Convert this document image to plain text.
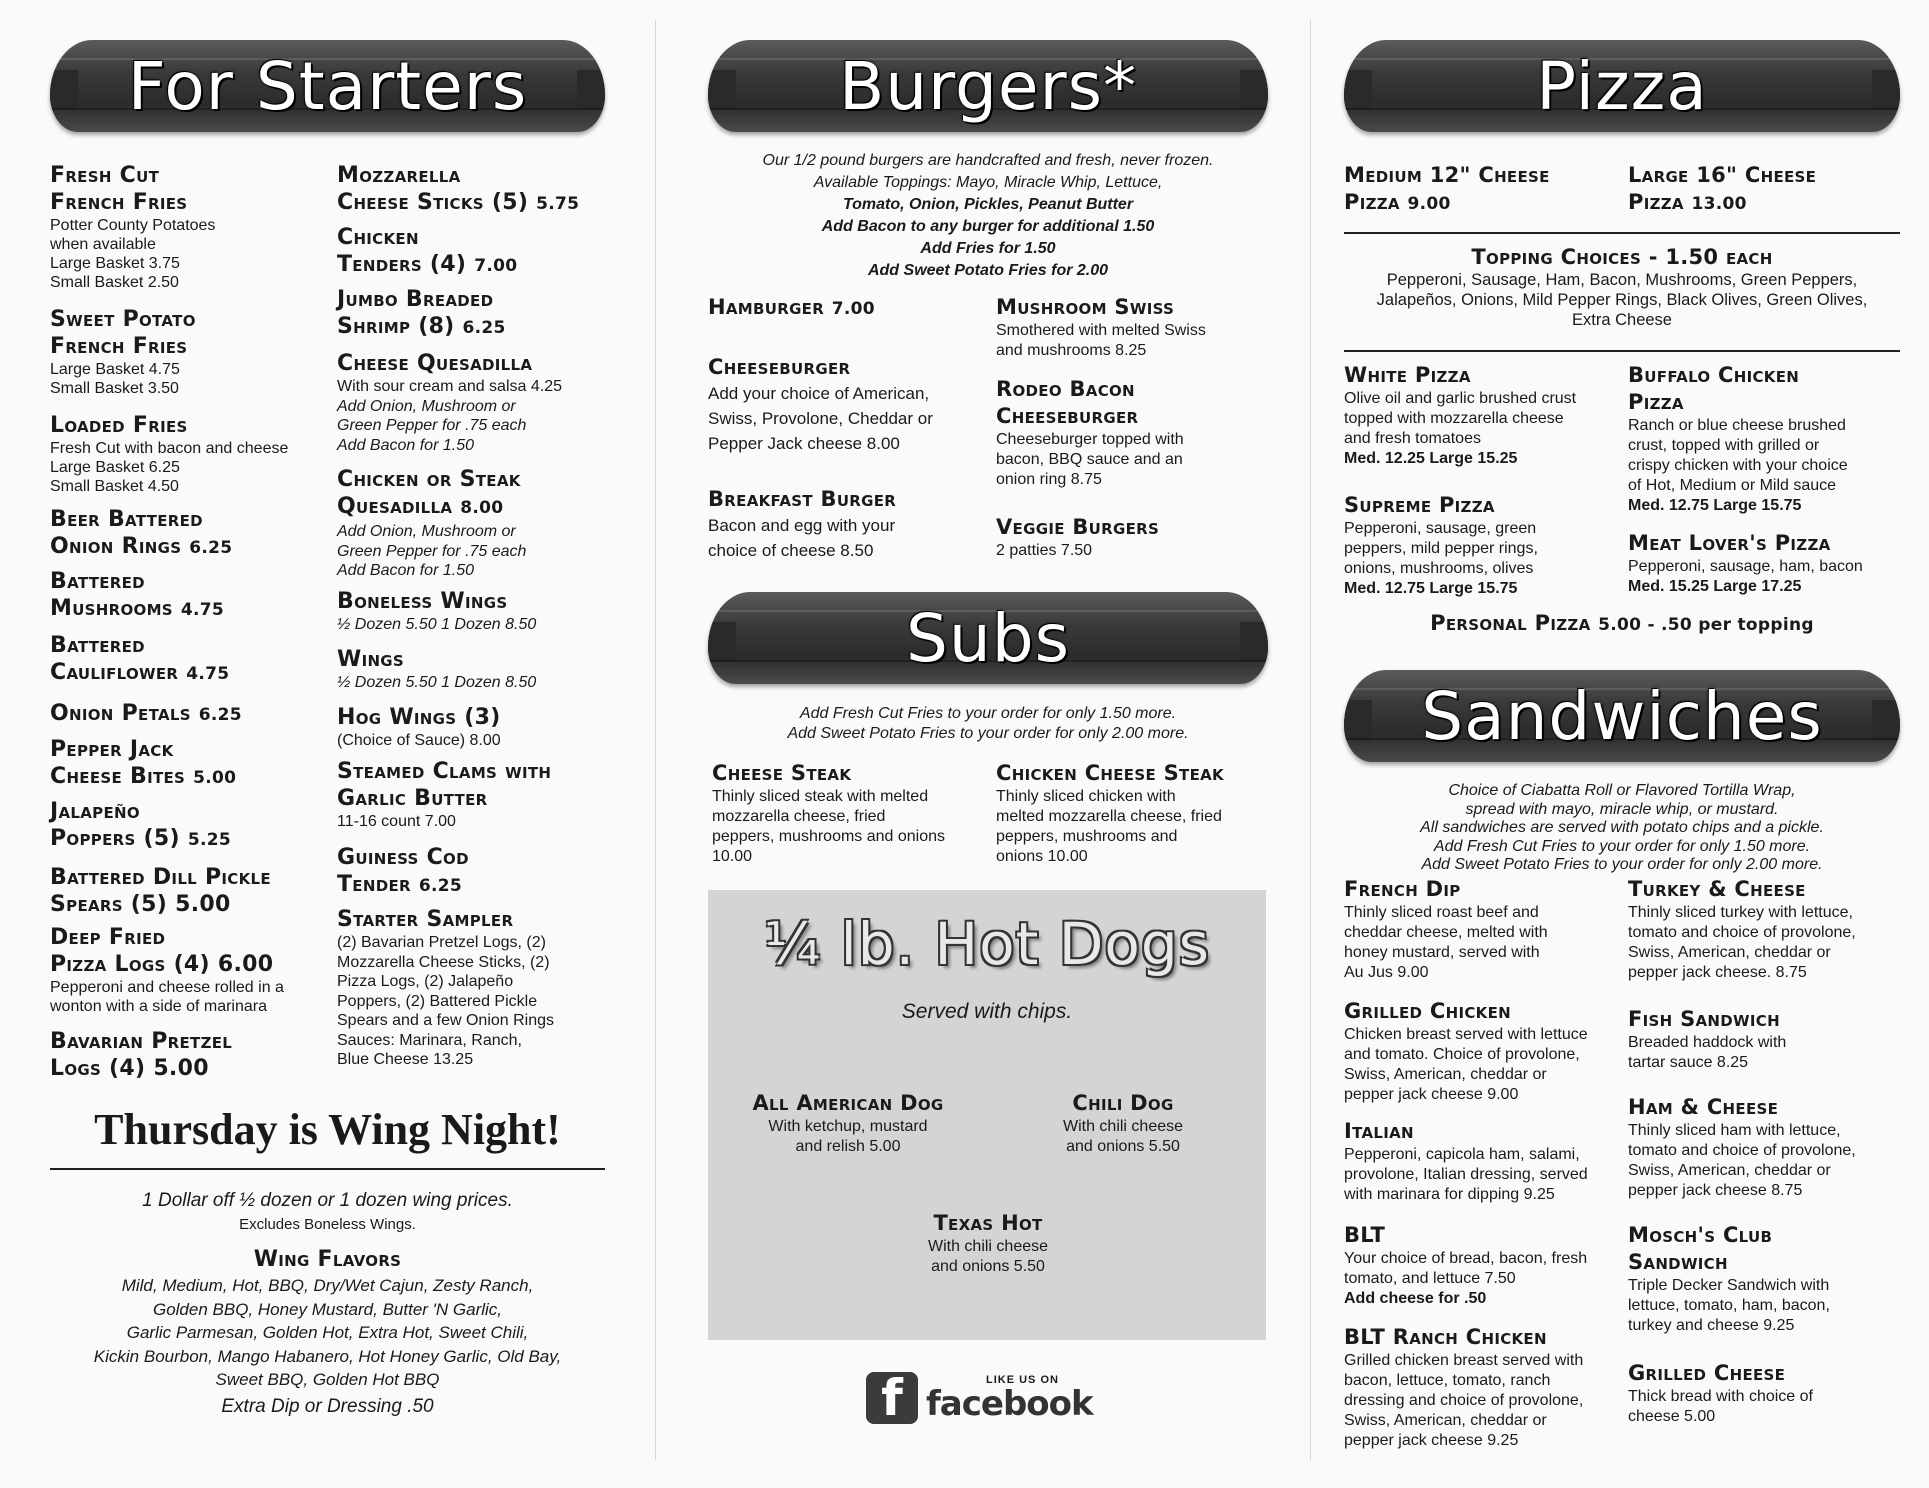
For Starters
Fresh Cut
French Fries
Potter County Potatoes
when available
Large Basket 3.75
Small Basket 2.50
Sweet Potato
French Fries
Large Basket 4.75
Small Basket 3.50
Loaded Fries
Fresh Cut with bacon and cheese
Large Basket 6.25
Small Basket 4.50
Beer Battered
Onion Rings 6.25
Battered
Mushrooms 4.75
Battered
Cauliflower 4.75
Onion Petals 6.25
Pepper Jack
Cheese Bites 5.00
Jalapeño
Poppers (5) 5.25
Battered Dill Pickle
Spears (5) 5.00
Deep Fried
Pizza Logs (4) 6.00
Pepperoni and cheese rolled in a
wonton with a side of marinara
Bavarian Pretzel
Logs (4) 5.00
Mozzarella
Cheese Sticks (5) 5.75
Chicken
Tenders (4) 7.00
Jumbo Breaded
Shrimp (8) 6.25
Cheese Quesadilla
With sour cream and salsa 4.25
Add Onion, Mushroom or
Green Pepper for .75 each
Add Bacon for 1.50
Chicken or Steak
Quesadilla 8.00
Add Onion, Mushroom or
Green Pepper for .75 each
Add Bacon for 1.50
Boneless Wings
½ Dozen 5.50 1 Dozen 8.50
Wings
½ Dozen 5.50 1 Dozen 8.50
Hog Wings (3)
(Choice of Sauce) 8.00
Steamed Clams with
Garlic Butter
11-16 count 7.00
Guiness Cod
Tender 6.25
Starter Sampler
(2) Bavarian Pretzel Logs, (2)
Mozzarella Cheese Sticks, (2)
Pizza Logs, (2) Jalapeño
Poppers, (2) Battered Pickle
Spears and a few Onion Rings
Sauces: Marinara, Ranch,
Blue Cheese 13.25
Thursday is Wing Night!
1 Dollar off ½ dozen or 1 dozen wing prices.
Excludes Boneless Wings.
Wing Flavors
Mild, Medium, Hot, BBQ, Dry/Wet Cajun, Zesty Ranch,
Golden BBQ, Honey Mustard, Butter 'N Garlic,
Garlic Parmesan, Golden Hot, Extra Hot, Sweet Chili,
Kickin Bourbon, Mango Habanero, Hot Honey Garlic, Old Bay,
Sweet BBQ, Golden Hot BBQ
Extra Dip or Dressing .50
Burgers*
Our 1/2 pound burgers are handcrafted and fresh, never frozen.
Available Toppings: Mayo, Miracle Whip, Lettuce,
Tomato, Onion, Pickles, Peanut Butter
Add Bacon to any burger for additional 1.50
Add Fries for 1.50
Add Sweet Potato Fries for 2.00
Hamburger 7.00
Cheeseburger
Add your choice of American,
Swiss, Provolone, Cheddar or
Pepper Jack cheese 8.00
Breakfast Burger
Bacon and egg with your
choice of cheese 8.50
Mushroom Swiss
Smothered with melted Swiss
and mushrooms 8.25
Rodeo Bacon
Cheeseburger
Cheeseburger topped with
bacon, BBQ sauce and an
onion ring 8.75
Veggie Burgers
2 patties 7.50
Subs
Add Fresh Cut Fries to your order for only 1.50 more.
Add Sweet Potato Fries to your order for only 2.00 more.
Cheese Steak
Thinly sliced steak with melted
mozzarella cheese, fried
peppers, mushrooms and onions
10.00
Chicken Cheese Steak
Thinly sliced chicken with
melted mozzarella cheese, fried
peppers, mushrooms and
onions 10.00
¼ lb. Hot Dogs
Served with chips.
All American Dog
With ketchup, mustard
and relish 5.00
Chili Dog
With chili cheese
and onions 5.50
Texas Hot
With chili cheese
and onions 5.50
f	LIKE US ON
facebook
Pizza
Medium 12" Cheese
Pizza 9.00
Large 16" Cheese
Pizza 13.00
Topping Choices - 1.50 each
Pepperoni, Sausage, Ham, Bacon, Mushrooms, Green Peppers,
Jalapeños, Onions, Mild Pepper Rings, Black Olives, Green Olives,
Extra Cheese
White Pizza
Olive oil and garlic brushed crust
topped with mozzarella cheese
and fresh tomatoes
Med. 12.25 Large 15.25
Supreme Pizza
Pepperoni, sausage, green
peppers, mild pepper rings,
onions, mushrooms, olives
Med. 12.75 Large 15.75
Buffalo Chicken
Pizza
Ranch or blue cheese brushed
crust, topped with grilled or
crispy chicken with your choice
of Hot, Medium or Mild sauce
Med. 12.75 Large 15.75
Meat Lover's Pizza
Pepperoni, sausage, ham, bacon
Med. 15.25 Large 17.25
Personal Pizza 5.00 - .50 per topping
Sandwiches
Choice of Ciabatta Roll or Flavored Tortilla Wrap,
spread with mayo, miracle whip, or mustard.
All sandwiches are served with potato chips and a pickle.
Add Fresh Cut Fries to your order for only 1.50 more.
Add Sweet Potato Fries to your order for only 2.00 more.
French Dip
Thinly sliced roast beef and
cheddar cheese, melted with
honey mustard, served with
Au Jus 9.00
Grilled Chicken
Chicken breast served with lettuce
and tomato. Choice of provolone,
Swiss, American, cheddar or
pepper jack cheese 9.00
Italian
Pepperoni, capicola ham, salami,
provolone, Italian dressing, served
with marinara for dipping 9.25
BLT
Your choice of bread, bacon, fresh
tomato, and lettuce 7.50
Add cheese for .50
BLT Ranch Chicken
Grilled chicken breast served with
bacon, lettuce, tomato, ranch
dressing and choice of provolone,
Swiss, American, cheddar or
pepper jack cheese 9.25
Turkey & Cheese
Thinly sliced turkey with lettuce,
tomato and choice of provolone,
Swiss, American, cheddar or
pepper jack cheese. 8.75
Fish Sandwich
Breaded haddock with
tartar sauce 8.25
Ham & Cheese
Thinly sliced ham with lettuce,
tomato and choice of provolone,
Swiss, American, cheddar or
pepper jack cheese 8.75
Mosch's Club
Sandwich
Triple Decker Sandwich with
lettuce, tomato, ham, bacon,
turkey and cheese 9.25
Grilled Cheese
Thick bread with choice of
cheese 5.00
